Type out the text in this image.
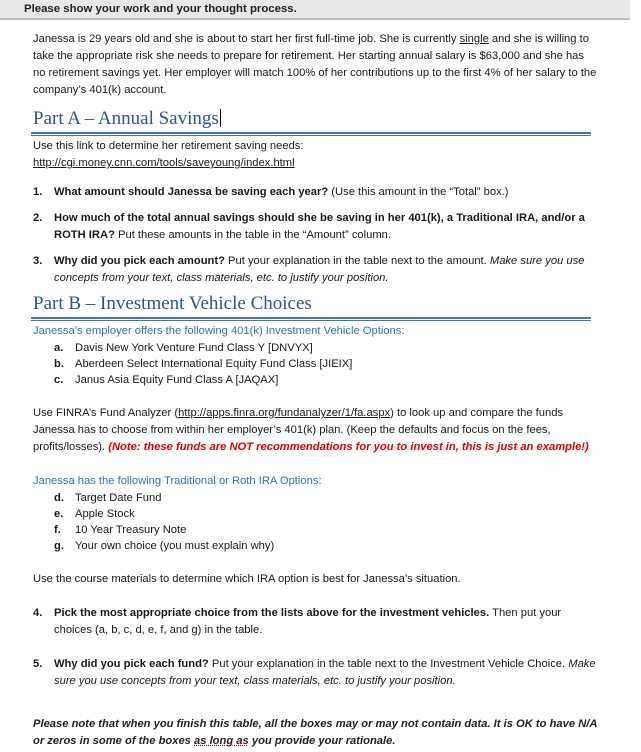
Please show your work and your thought process.

Janessa is 29 years old and she is about to start her first full-time job. She is currently single and she is willing to take the appropriate risk she needs to prepare for retirement. Her starting annual salary is $63,000 and she has no retirement savings yet. Her employer will match 100% of her contributions up to the first 4% of her salary to the company’s 401(k) account.

Part A – Annual Savings

Use this link to determine her retirement saving needs:

http://cgi.money.cnn.com/tools/saveyoung/index.html

1. What amount should Janessa be saving each year? (Use this amount in the “Total” box.)
2. How much of the total annual savings should she be saving in her 401(k), a Traditional IRA, and/or a ROTH IRA? Put these amounts in the table in the “Amount” column.
3. Why did you pick each amount? Put your explanation in the table next to the amount. Make sure you use concepts from your text, class materials, etc. to justify your position.
Part B – Investment Vehicle Choices

Janessa’s employer offers the following 401(k) Investment Vehicle Options:

a. Davis New York Venture Fund Class Y [DNVYX]
b. Aberdeen Select International Equity Fund Class [JIEIX]
c. Janus Asia Equity Fund Class A [JAQAX]

Use FINRA’s Fund Analyzer (http://apps.finra.org/fundanalyzer/1/fa.aspx) to look up and compare the funds Janessa has to choose from within her employer’s 401(k) plan. (Keep the defaults and focus on the fees, profits/losses). (Note: these funds are NOT recommendations for you to invest in, this is just an example!)

Janessa has the following Traditional or Roth IRA Options:

d. Target Date Fund
e. Apple Stock
f. 10 Year Treasury Note
g. Your own choice (you must explain why)

Use the course materials to determine which IRA option is best for Janessa’s situation.

4. Pick the most appropriate choice from the lists above for the investment vehicles. Then put your choices (a, b, c, d, e, f, and g) in the table.
5. Why did you pick each fund? Put your explanation in the table next to the Investment Vehicle Choice. Make sure you use concepts from your text, class materials, etc. to justify your position.

Please note that when you finish this table, all the boxes may or may not contain data. It is OK to have N/A or zeros in some of the boxes as long as you provide your rationale.
